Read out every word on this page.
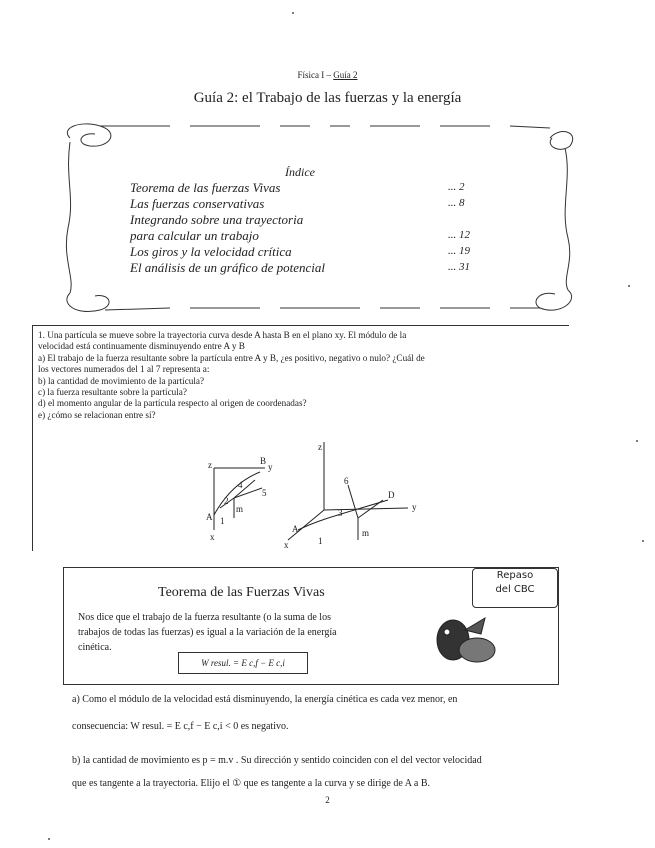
Física I – Guía 2
Guía 2: el Trabajo de las fuerzas y la energía
Índice
Teorema de las fuerzas Vivas	... 2
Las fuerzas conservativas	... 8
Integrando sobre una trayectoria
para calcular un trabajo	... 12
Los giros y la velocidad crítica	... 19
El análisis de un gráfico de potencial	... 31
1. Una partícula se mueve sobre la trayectoria curva desde A hasta B en el plano xy. El módulo de la
velocidad está continuamente disminuyendo entre A y B
a) El trabajo de la fuerza resultante sobre la partícula entre A y B, ¿es positivo, negativo o nulo? ¿Cuál de
los vectores numerados del 1 al 7 representa a:
b) la cantidad de movimiento de la partícula?
c) la fuerza resultante sobre la partícula?
d) el momento angular de la partícula respecto al origen de coordenadas?
e) ¿cómo se relacionan entre sí?
z	B
y
A
x
2
4
5
m
1
z
D
y
A
x
6
3
m
1
Teorema de las Fuerzas Vivas
Repaso
del CBC
Nos dice que el trabajo de la fuerza resultante (o la suma de los
trabajos de todas las fuerzas) es igual a la variación de la energía
cinética.
W resul. = E c,f − E c,i
a) Como el módulo de la velocidad está disminuyendo, la energía cinética es cada vez menor, en
consecuencia: W resul. = E c,f − E c,i < 0 es negativo.
b) la cantidad de movimiento es p = m.v . Su dirección y sentido coinciden con el del vector velocidad
que es tangente a la trayectoria. Elijo el ① que es tangente a la curva y se dirige de A a B.
2
